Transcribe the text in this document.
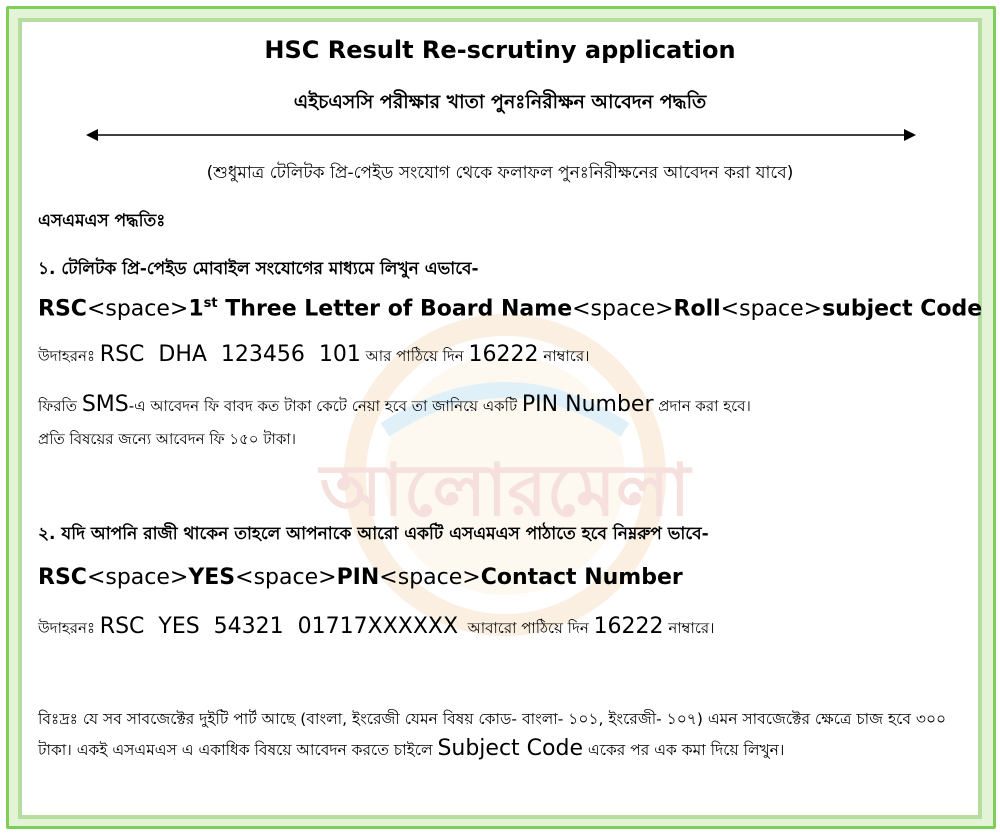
আলোরমেলা
HSC Result Re-scrutiny application
এইচএসসি পরীক্ষার খাতা পুনঃনিরীক্ষন আবেদন পদ্ধতি
(শুধুমাত্র টেলিটক প্রি-পেইড সংযোগ থেকে ফলাফল পুনঃনিরীক্ষনের আবেদন করা যাবে)
এসএমএস পদ্ধতিঃ
১. টেলিটক প্রি-পেইড মোবাইল সংযোগের মাধ্যমে লিখুন এভাবে-
RSC<space>1st Three Letter of Board Name<space>Roll<space>subject Code
উদাহরনঃ RSC  DHA  123456  101 আর পাঠিয়ে দিন 16222 নাম্বারে।
ফিরতি SMS-এ আবেদন ফি বাবদ কত টাকা কেটে নেয়া হবে তা জানিয়ে একটি PIN Number প্রদান করা হবে।
প্রতি বিষয়ের জন্যে আবেদন ফি ১৫০ টাকা।
২. যদি আপনি রাজী থাকেন তাহলে আপনাকে আরো একটি এসএমএস পাঠাতে হবে নিম্নরুপ ভাবে-
RSC<space>YES<space>PIN<space>Contact Number
উদাহরনঃ RSC  YES  54321  01717XXXXXX  আবারো পাঠিয়ে দিন 16222 নাম্বারে।
বিঃদ্রঃ যে সব সাবজেক্টের দুইটি পার্ট আছে (বাংলা, ইংরেজী যেমন বিষয় কোড- বাংলা- ১০১, ইংরেজী- ১০৭) এমন সাবজেক্টের ক্ষেত্রে চাজ হবে ৩০০ টাকা। একই এসএমএস এ একাধিক বিষয়ে আবেদন করতে চাইলে Subject Code একের পর এক কমা দিয়ে লিখুন।
